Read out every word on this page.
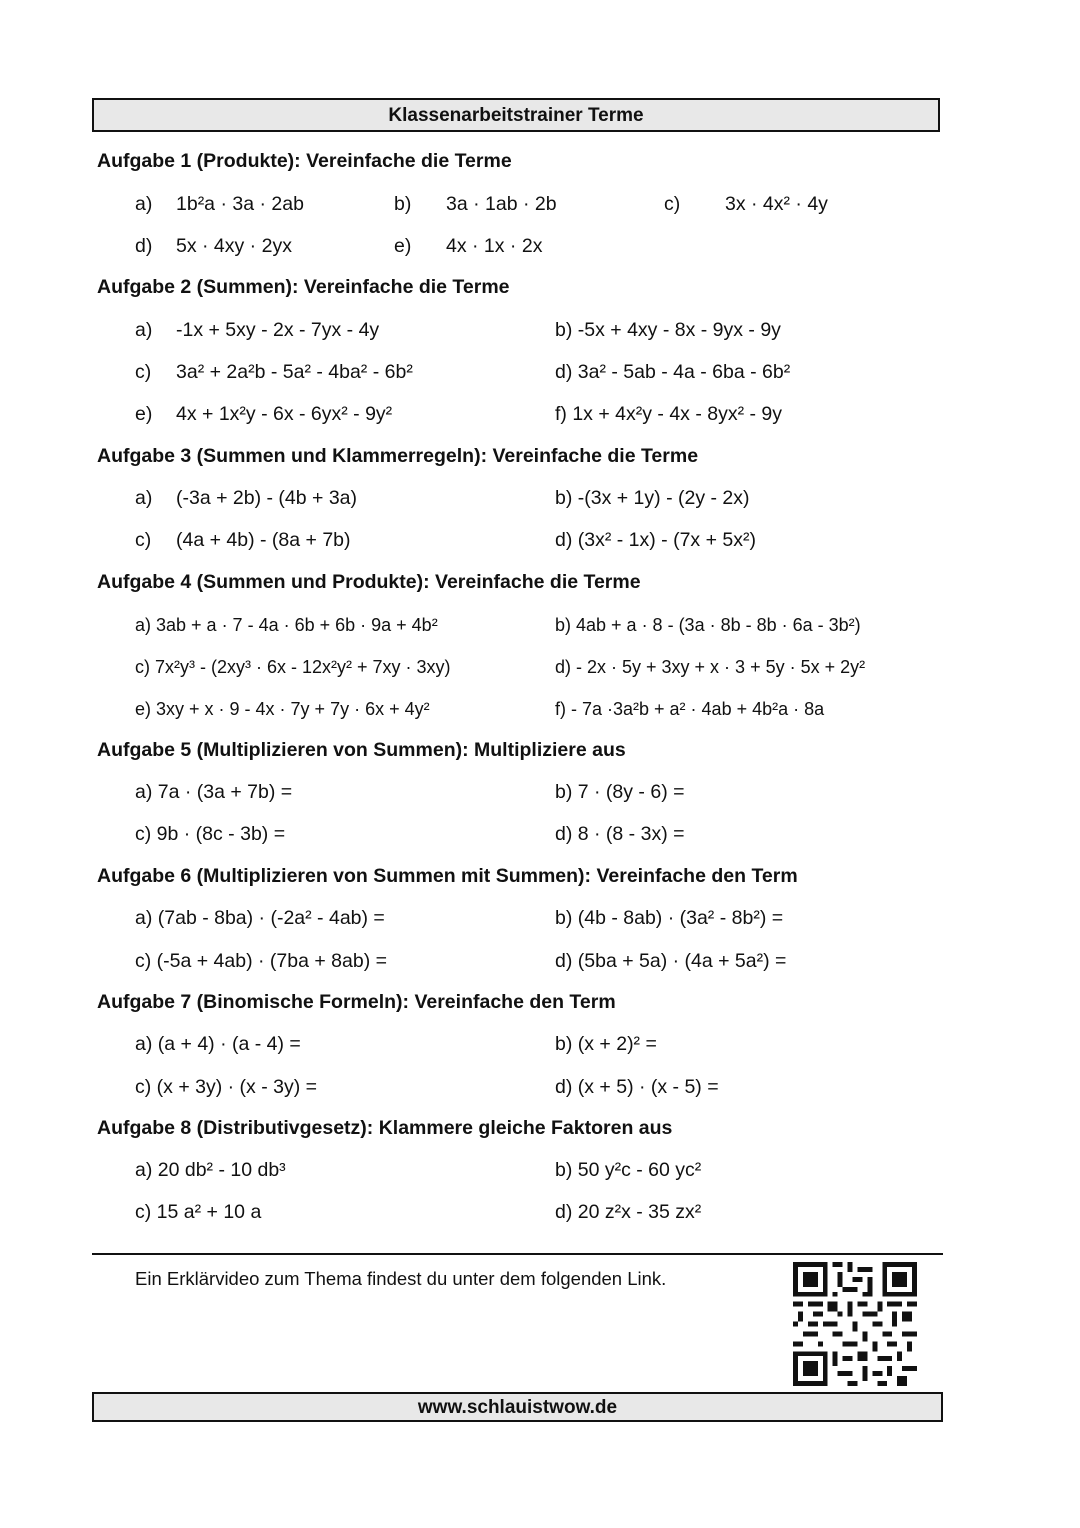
Klassenarbeitstrainer Terme
Aufgabe 1 (Produkte): Vereinfache die Terme
a) 1b²a · 3a · 2ab	b) 3a · 1ab · 2b	c) 3x · 4x² · 4y
d) 5x · 4xy · 2yx	e) 4x · 1x · 2x
Aufgabe 2 (Summen): Vereinfache die Terme
a) -1x + 5xy - 2x - 7yx - 4y	b) -5x + 4xy - 8x - 9yx - 9y
c) 3a² + 2a²b - 5a² - 4ba² - 6b²	d) 3a² - 5ab - 4a - 6ba - 6b²
e) 4x + 1x²y - 6x - 6yx² - 9y²	f) 1x + 4x²y - 4x - 8yx² - 9y
Aufgabe 3 (Summen und Klammerregeln): Vereinfache die Terme
a) (-3a + 2b) - (4b + 3a)	b) -(3x + 1y) - (2y - 2x)
c) (4a + 4b) - (8a + 7b)	d) (3x² - 1x) - (7x + 5x²)
Aufgabe 4 (Summen und Produkte): Vereinfache die Terme
a) 3ab + a · 7 - 4a · 6b + 6b · 9a + 4b²	b) 4ab + a · 8 - (3a · 8b - 8b · 6a - 3b²)
c) 7x²y³ - (2xy³ · 6x - 12x²y² + 7xy · 3xy)	d) - 2x · 5y + 3xy + x · 3 + 5y · 5x + 2y²
e) 3xy + x · 9 - 4x · 7y + 7y · 6x + 4y²	f) - 7a ·3a²b + a² · 4ab + 4b²a · 8a
Aufgabe 5 (Multiplizieren von Summen): Multipliziere aus
a) 7a · (3a + 7b) =	b) 7 · (8y - 6) =
c) 9b · (8c - 3b) =	d) 8 · (8 - 3x) =
Aufgabe 6 (Multiplizieren von Summen mit Summen): Vereinfache den Term
a) (7ab - 8ba) · (-2a² - 4ab) =	b) (4b - 8ab) · (3a² - 8b²) =
c) (-5a + 4ab) · (7ba + 8ab) =	d) (5ba + 5a) · (4a + 5a²) =
Aufgabe 7 (Binomische Formeln): Vereinfache den Term
a) (a + 4) · (a - 4) =	b) (x + 2)² =
c) (x + 3y) · (x - 3y) =	d) (x + 5) · (x - 5) =
Aufgabe 8 (Distributivgesetz): Klammere gleiche Faktoren aus
a) 20 db² - 10 db³	b) 50 y²c - 60 yc²
c) 15 a² + 10 a	d) 20 z²x - 35 zx²
Ein Erklärvideo zum Thema findest du unter dem folgenden Link.
www.schlauistwow.de
